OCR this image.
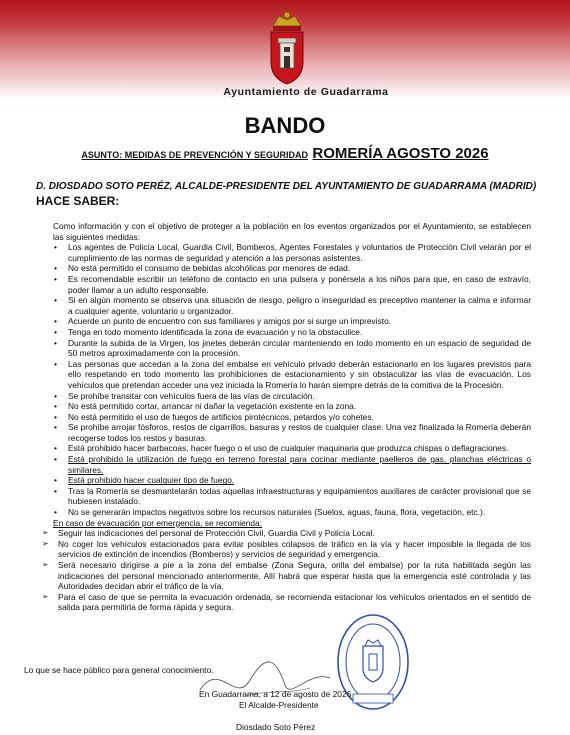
Ayuntamiento de Guadarrama
BANDO
ASUNTO: MEDIDAS DE PREVENCIÓN Y SEGURIDAD ROMERÍA AGOSTO 2026
D. DIOSDADO SOTO PERÉZ, ALCALDE-PRESIDENTE DEL AYUNTAMIENTO DE GUADARRAMA (MADRID)
HACE SABER:

Como información y con el objetivo de proteger a la población en los eventos organizados por el Ayuntamiento, se establecen las siguientes medidas:

• Los agentes de Policía Local, Guardia Civil, Bomberos, Agentes Forestales y voluntarios de Protección Civil velarán por el cumplimiento de las normas de seguridad y atención a las personas asistentes.
• No está permitido el consumo de bebidas alcohólicas por menores de edad.
• Es recomendable escribir un teléfono de contacto en una pulsera y ponérsela a los niños para que, en caso de extravío, poder llamar a un adulto responsable.
• Si en algún momento se observa una situación de riesgo, peligro o inseguridad es preceptivo mantener la calma e informar a cualquier agente, voluntario u organizador.
• Acuerde un punto de encuentro con sus familiares y amigos por si surge un imprevisto.
• Tenga en todo momento identificada la zona de evacuación y no la obstaculice.
• Durante la subida de la Virgen, los jinetes deberán circular manteniendo en todo momento en un espacio de seguridad de 50 metros aproximadamente con la procesión.
• Las personas que accedan a la zona del embalse en vehículo privado deberán estacionarlo en los lugares previstos para ello respetando en todo momento las prohibiciones de estacionamiento y sin obstaculizar las vías de evacuación. Los vehículos que pretendan acceder una vez iniciada la Romería lo harán siempre detrás de la comitiva de la Procesión.
• Se prohíbe transitar con vehículos fuera de las vías de circulación.
• No está permitido cortar, arrancar ni dañar la vegetación existente en la zona.
• No está permitido el uso de fuegos de artificios pirotécnicos, petardos y/o cohetes.
• Se prohíbe arrojar fósforos, restos de cigarrillos, basuras y restos de cualquier clase. Una vez finalizada la Romería deberán recogerse todos los restos y basuras.
• Está prohibido hacer barbacoas, hacer fuego o el uso de cualquier maquinaria que produzca chispas o deflagraciones.
• Está prohibido la utilización de fuego en terreno forestal para cocinar mediante paelleros de gas, planchas eléctricas o similares.
• Está prohibido hacer cualquier tipo de fuego.
• Tras la Romería se desmantelarán todas aquellas infraestructuras y equipamientos auxiliares de carácter provisional que se hubiesen instalado.
• No se generarán impactos negativos sobre los recursos naturales (Suelos, aguas, fauna, flora, vegetación, etc.).

En caso de evacuación por emergencia, se recomienda:

➢ Seguir las indicaciones del personal de Protección Civil, Guardia Civil y Policía Local.
➢ No coger los vehículos estacionados para evitar posibles colapsos de tráfico en la vía y hacer imposible la llegada de los servicios de extinción de incendios (Bomberos) y servicios de seguridad y emergencia.
➢ Será necesario dirigirse a pie a la zona del embalse (Zona Segura, orilla del embalse) por la ruta habilitada según las indicaciones del personal mencionado anteriormente. Allí habrá que esperar hasta que la emergencia esté controlada y las Autoridades decidan abrir el tráfico de la vía.
➢ Para el caso de que se permita la evacuación ordenada, se recomienda estacionar los vehículos orientados en el sentido de salida para permitirla de forma rápida y segura.
Lo que se hace público para general conocimiento.
En Guadarrama, a 12 de agosto de 2026
El Alcalde-Presidente
Diosdado Soto Pérez
